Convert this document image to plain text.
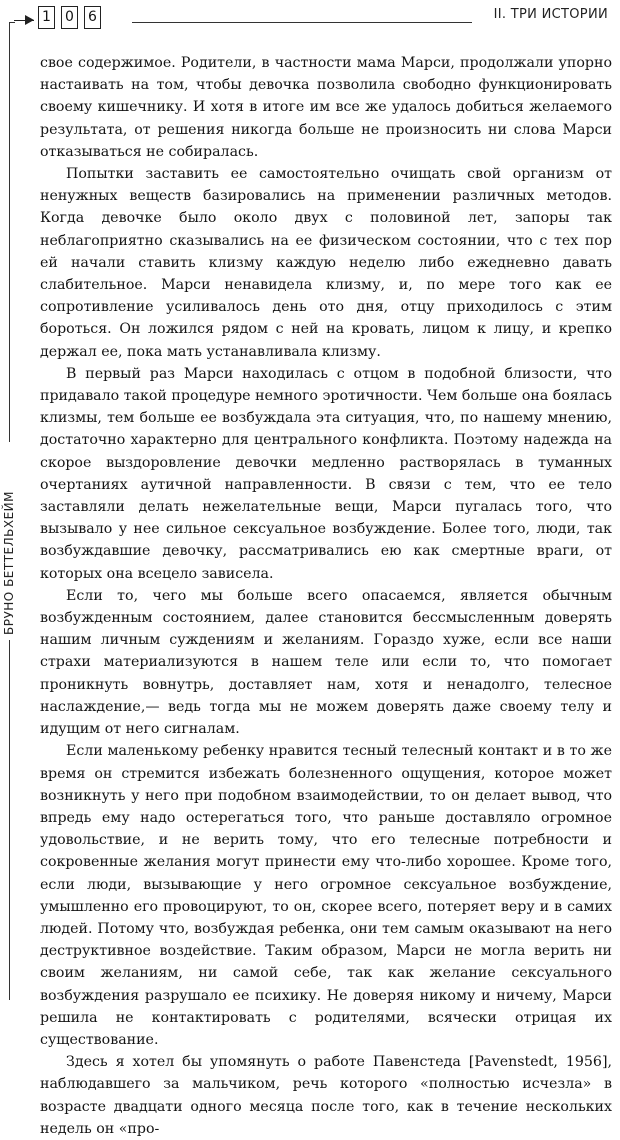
1 0 6	II. ТРИ ИСТОРИИ
БРУНО БЕТТЕЛЬХЕЙМ

свое содержимое. Родители, в частности мама Марси, продолжали упорно настаивать на том, чтобы девочка позволила свободно функционировать своему кишечнику. И хотя в итоге им все же удалось добиться желаемого результата, от решения никогда больше не произносить ни слова Марси отказываться не собиралась.

Попытки заставить ее самостоятельно очищать свой организм от ненужных веществ базировались на применении различных методов. Когда девочке было около двух с половиной лет, запоры так неблагоприятно сказывались на ее физическом состоянии, что с тех пор ей начали ставить клизму каждую неделю либо ежедневно давать слабительное. Марси ненавидела клизму, и, по мере того как ее сопротивление усиливалось день ото дня, отцу приходилось с этим бороться. Он ложился рядом с ней на кровать, лицом к лицу, и крепко держал ее, пока мать устанавливала клизму.

В первый раз Марси находилась с отцом в подобной близости, что придавало такой процедуре немного эротичности. Чем больше она боялась клизмы, тем больше ее возбуждала эта ситуация, что, по нашему мнению, достаточно характерно для центрального конфликта. Поэтому надежда на скорое выздоровление девочки медленно растворялась в туманных очертаниях аутичной направленности. В связи с тем, что ее тело заставляли делать нежелательные вещи, Марси пугалась того, что вызывало у нее сильное сексуальное возбуждение. Более того, люди, так возбуждавшие девочку, рассматривались ею как смертные враги, от которых она всецело зависела.

Если то, чего мы больше всего опасаемся, является обычным возбужденным состоянием, далее становится бессмысленным доверять нашим личным суждениям и желаниям. Гораздо хуже, если все наши страхи материализуются в нашем теле или если то, что помогает проникнуть вовнутрь, доставляет нам, хотя и ненадолго, телесное наслаждение,— ведь тогда мы не можем доверять даже своему телу и идущим от него сигналам.

Если маленькому ребенку нравится тесный телесный контакт и в то же время он стремится избежать болезненного ощущения, которое может возникнуть у него при подобном взаимодействии, то он делает вывод, что впредь ему надо остерегаться того, что раньше доставляло огромное удовольствие, и не верить тому, что его телесные потребности и сокровенные желания могут принести ему что-либо хорошее. Кроме того, если люди, вызывающие у него огромное сексуальное возбуждение, умышленно его провоцируют, то он, скорее всего, потеряет веру и в самих людей. Потому что, возбуждая ребенка, они тем самым оказывают на него деструктивное воздействие. Таким образом, Марси не могла верить ни своим желаниям, ни самой себе, так как желание сексуального возбуждения разрушало ее психику. Не доверяя никому и ничему, Марси решила не контактировать с родителями, всячески отрицая их существование.

Здесь я хотел бы упомянуть о работе Павенстеда [Pavenstedt, 1956], наблюдавшего за мальчиком, речь которого «полностью исчезла» в возрасте двадцати одного месяца после того, как в течение нескольких недель он «про-
